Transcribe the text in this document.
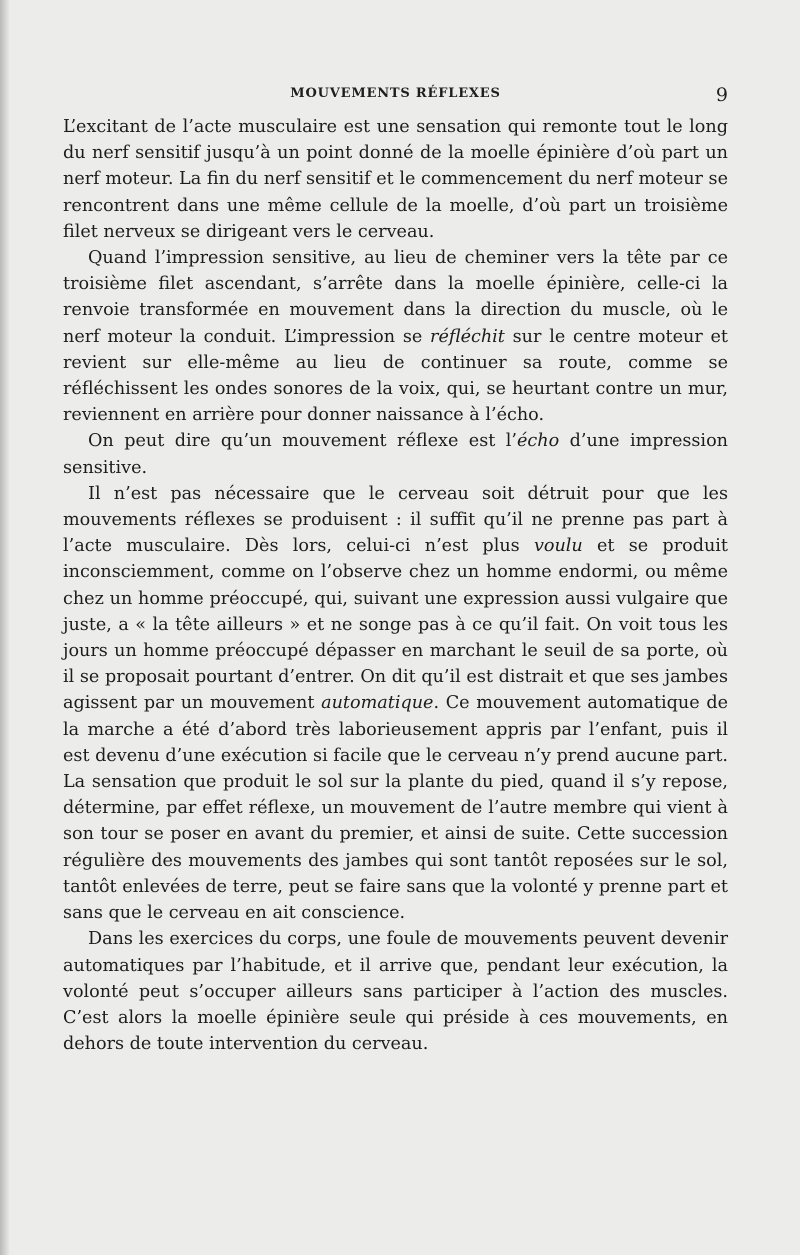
MOUVEMENTS RÉFLEXES	9

L’excitant de l’acte musculaire est une sensation qui remonte tout le long du nerf sensitif jusqu’à un point donné de la moelle épinière d’où part un nerf moteur. La fin du nerf sensitif et le commencement du nerf moteur se rencontrent dans une même cellule de la moelle, d’où part un troisième filet nerveux se dirigeant vers le cerveau.

Quand l’impression sensitive, au lieu de cheminer vers la tête par ce troisième filet ascendant, s’arrête dans la moelle épinière, celle-ci la renvoie transformée en mouvement dans la direction du muscle, où le nerf moteur la conduit. L’impression se réfléchit sur le centre moteur et revient sur elle-même au lieu de continuer sa route, comme se réfléchissent les ondes sonores de la voix, qui, se heurtant contre un mur, reviennent en arrière pour donner naissance à l’écho.

On peut dire qu’un mouvement réflexe est l’écho d’une impression sensitive.

Il n’est pas nécessaire que le cerveau soit détruit pour que les mouvements réflexes se produisent : il suffit qu’il ne prenne pas part à l’acte musculaire. Dès lors, celui-ci n’est plus voulu et se produit inconsciemment, comme on l’observe chez un homme endormi, ou même chez un homme préoccupé, qui, suivant une expression aussi vulgaire que juste, a « la tête ailleurs » et ne songe pas à ce qu’il fait. On voit tous les jours un homme préoccupé dépasser en marchant le seuil de sa porte, où il se proposait pourtant d’entrer. On dit qu’il est distrait et que ses jambes agissent par un mouvement automatique. Ce mouvement automatique de la marche a été d’abord très laborieusement appris par l’enfant, puis il est devenu d’une exécution si facile que le cerveau n’y prend aucune part. La sensation que produit le sol sur la plante du pied, quand il s’y repose, détermine, par effet réflexe, un mouvement de l’autre membre qui vient à son tour se poser en avant du premier, et ainsi de suite. Cette succession régulière des mouvements des jambes qui sont tantôt reposées sur le sol, tantôt enlevées de terre, peut se faire sans que la volonté y prenne part et sans que le cerveau en ait conscience.

Dans les exercices du corps, une foule de mouvements peuvent devenir automatiques par l’habitude, et il arrive que, pendant leur exécution, la volonté peut s’occuper ailleurs sans participer à l’action des muscles. C’est alors la moelle épinière seule qui préside à ces mouvements, en dehors de toute intervention du cerveau.
